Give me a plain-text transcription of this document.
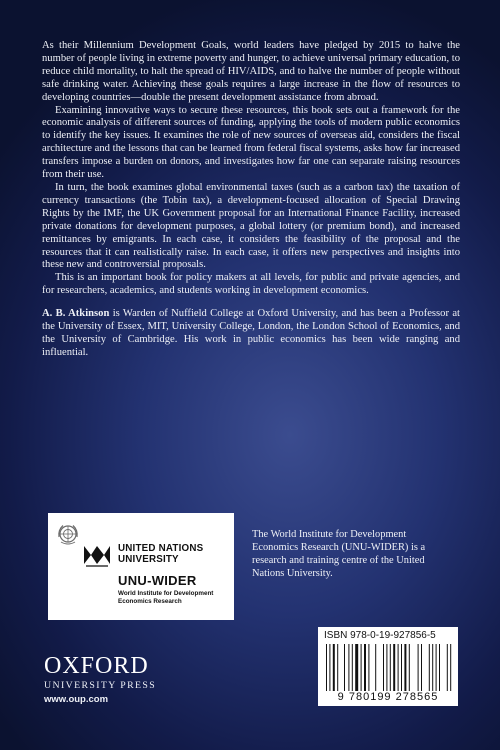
As their Millennium Development Goals, world leaders have pledged by 2015 to halve the number of people living in extreme poverty and hunger, to achieve universal primary education, to reduce child mortality, to halt the spread of HIV/AIDS, and to halve the number of people without safe drinking water. Achieving these goals requires a large increase in the flow of resources to developing countries—double the present development assistance from abroad.

Examining innovative ways to secure these resources, this book sets out a framework for the economic analysis of different sources of funding, applying the tools of modern public economics to identify the key issues. It examines the role of new sources of overseas aid, considers the fiscal architecture and the lessons that can be learned from federal fiscal systems, asks how far increased transfers impose a burden on donors, and investigates how far one can separate raising resources from their use.

In turn, the book examines global environmental taxes (such as a carbon tax) the taxation of currency transactions (the Tobin tax), a development-focused allocation of Special Drawing Rights by the IMF, the UK Government proposal for an International Finance Facility, increased private donations for development purposes, a global lottery (or premium bond), and increased remittances by emigrants. In each case, it considers the feasibility of the proposal and the resources that it can realistically raise. In each case, it offers new perspectives and insights into these new and controversial proposals.

This is an important book for policy makers at all levels, for public and private agencies, and for researchers, academics, and students working in development economics.

A. B. Atkinson is Warden of Nuffield College at Oxford University, and has been a Professor at the University of Essex, MIT, University College, London, the London School of Economics, and the University of Cambridge. His work in public economics has been wide ranging and influential.

UNITED NATIONS
UNIVERSITY
UNU-WIDER
World Institute for Development
Economics Research
The World Institute for Development Economics Research (UNU-WIDER) is a research and training centre of the United Nations University.
OXFORD
UNIVERSITY PRESS
www.oup.com
ISBN 978-0-19-927856-5
9 780199 278565
